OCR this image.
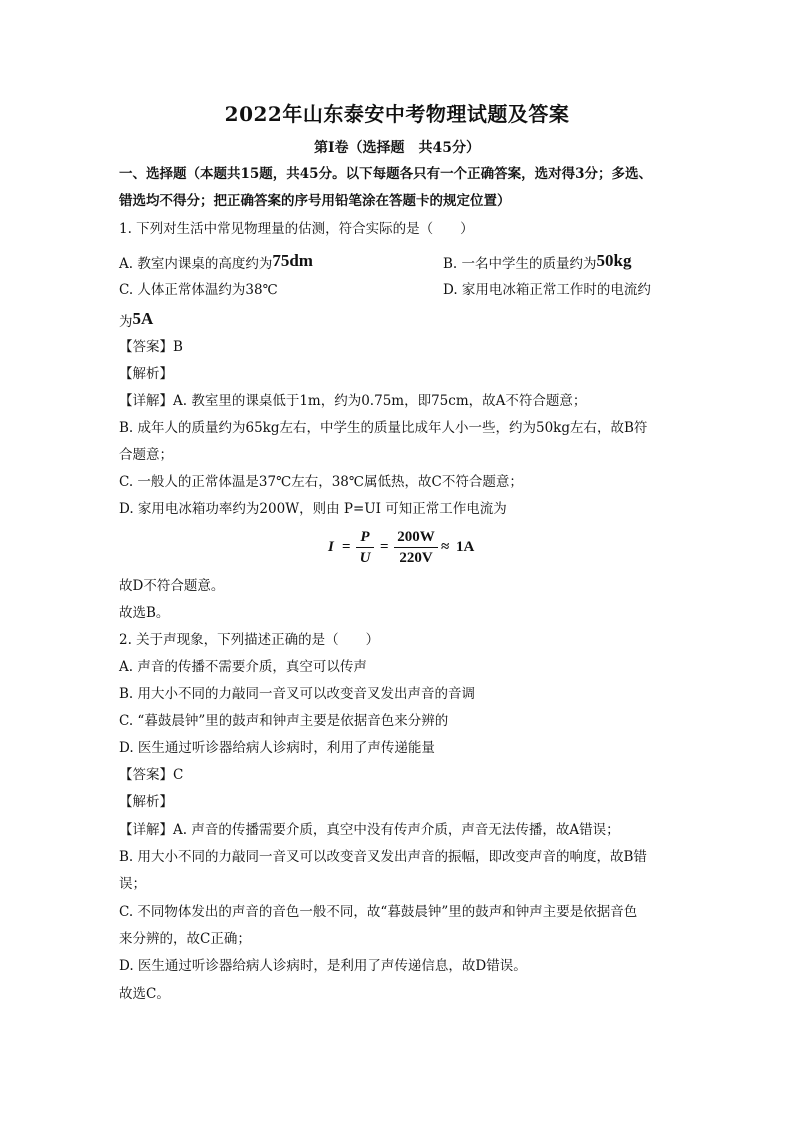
2022年山东泰安中考物理试题及答案
第Ⅰ卷（选择题　共45分）
一、选择题（本题共15题，共45分。以下每题各只有一个正确答案，选对得3分；多选、
错选均不得分；把正确答案的序号用铅笔涂在答题卡的规定位置）
1. 下列对生活中常见物理量的估测，符合实际的是（　　）
A. 教室内课桌的高度约为75dm	B. 一名中学生的质量约为50kg
C. 人体正常体温约为38℃	D. 家用电冰箱正常工作时的电流约
为5A
【答案】B
【解析】
【详解】A. 教室里的课桌低于1m，约为0.75m，即75cm，故A不符合题意；
B. 成年人的质量约为65kg左右，中学生的质量比成年人小一些，约为50kg左右，故B符
合题意；
C. 一般人的正常体温是37℃左右，38℃属低热，故C不符合题意；
D. 家用电冰箱功率约为200W，则由 P=UI 可知正常工作电流为
I =
P
U
=
200W
220V
≈ 1A
故D不符合题意。
故选B。
2. 关于声现象，下列描述正确的是（　　）
A. 声音的传播不需要介质，真空可以传声
B. 用大小不同的力敲同一音叉可以改变音叉发出声音的音调
C. “暮鼓晨钟”里的鼓声和钟声主要是依据音色来分辨的
D. 医生通过听诊器给病人诊病时，利用了声传递能量
【答案】C
【解析】
【详解】A. 声音的传播需要介质，真空中没有传声介质，声音无法传播，故A错误；
B. 用大小不同的力敲同一音叉可以改变音叉发出声音的振幅，即改变声音的响度，故B错
误；
C. 不同物体发出的声音的音色一般不同，故“暮鼓晨钟”里的鼓声和钟声主要是依据音色
来分辨的，故C正确；
D. 医生通过听诊器给病人诊病时，是利用了声传递信息，故D错误。
故选C。
